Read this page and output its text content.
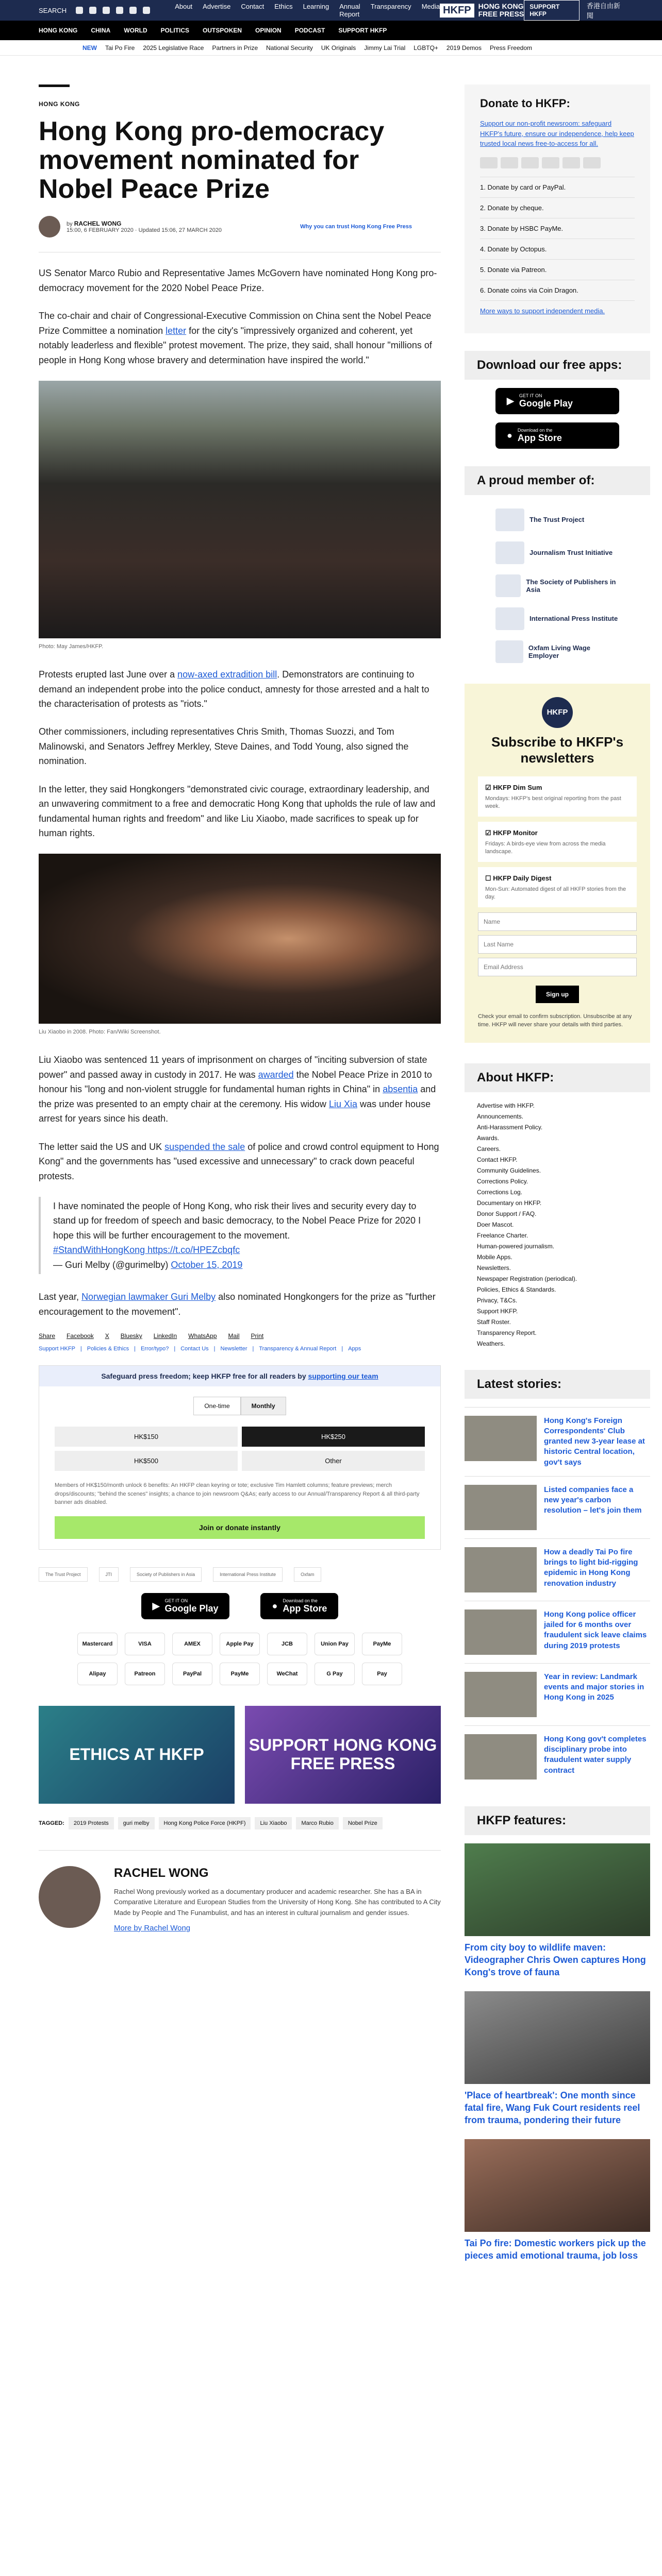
SEARCH	About Advertise Contact Ethics Learning Annual Report
Transparency Media HKFP	HONG KONG
FREE PRESS
SUPPORT HKFP
香港自由新聞
HONG KONG CHINA WORLD POLITICS OUTSPOKEN OPINION PODCAST SUPPORT HKFP
NEW Tai Po Fire 2025 Legislative Race Partners in Prize National Security UK Originals Jimmy Lai Trial LGBTQ+ 2019 Demos Press Freedom
HONG KONG
Hong Kong pro-democracy movement nominated for Nobel Peace Prize
by RACHEL WONG
15:00, 6 FEBRUARY 2020 · Updated 15:06, 27 MARCH 2020
Why you can trust Hong Kong Free Press

US Senator Marco Rubio and Representative James McGovern have nominated Hong Kong pro-democracy movement for the 2020 Nobel Peace Prize.

The co-chair and chair of Congressional-Executive Commission on China sent the Nobel Peace Prize Committee a nomination letter for the city's "impressively organized and coherent, yet notably leaderless and flexible" protest movement. The prize, they said, shall honour "millions of people in Hong Kong whose bravery and determination have inspired the world."

Photo: May James/HKFP.

Protests erupted last June over a now-axed extradition bill. Demonstrators are continuing to demand an independent probe into the police conduct, amnesty for those arrested and a halt to the characterisation of protests as "riots."

Other commissioners, including representatives Chris Smith, Thomas Suozzi, and Tom Malinowski, and Senators Jeffrey Merkley, Steve Daines, and Todd Young, also signed the nomination.

In the letter, they said Hongkongers "demonstrated civic courage, extraordinary leadership, and an unwavering commitment to a free and democratic Hong Kong that upholds the rule of law and fundamental human rights and freedom" and like Liu Xiaobo, made sacrifices to speak up for human rights.

Liu Xiaobo in 2008. Photo: Fan/Wiki Screenshot.

Liu Xiaobo was sentenced 11 years of imprisonment on charges of "inciting subversion of state power" and passed away in custody in 2017. He was awarded the Nobel Peace Prize in 2010 to honour his "long and non-violent struggle for fundamental human rights in China" in absentia and the prize was presented to an empty chair at the ceremony. His widow Liu Xia was under house arrest for years since his death.

The letter said the US and UK suspended the sale of police and crowd control equipment to Hong Kong" and the governments has "used excessive and unnecessary" to crack down peaceful protests.

I have nominated the people of Hong Kong, who risk their lives and security every day to stand up for freedom of speech and basic democracy, to the Nobel Peace Prize for 2020 I hope this will be further encouragement to the movement.
#StandWithHongKong https://t.co/HPEZcbqfc
— Guri Melby (@gurimelby) October 15, 2019

Last year, Norwegian lawmaker Guri Melby also nominated Hongkongers for the prize as "further encouragement to the movement".

Share Facebook X Bluesky LinkedIn WhatsApp Mail Print
Support HKFP | Policies & Ethics | Error/typo? | Contact Us | Newsletter | Transparency & Annual Report | Apps
Safeguard press freedom; keep HKFP free for all readers by supporting our team
One-time	Monthly
HK$150	HK$250
HK$500	Other
Members of HK$150/month unlock 6 benefits: An HKFP clean keyring or tote; exclusive Tim Hamlett columns; feature previews; merch drops/discounts; "behind the scenes" insights; a chance to join newsroom Q&As; early access to our Annual/Transparency Report & all third-party banner ads disabled.
Join or donate instantly
The Trust Project	JTI	Society of Publishers in Asia	International Press Institute	Oxfam
▶ GET IT ON
Google Play	● Download on the
App Store
Mastercard	VISA	AMEX	Apple Pay	JCB	Union Pay	PayMe
Alipay	Patreon	PayPal	PayMe	WeChat	G Pay	Pay
ETHICS AT HKFP	SUPPORT HONG KONG FREE PRESS
TAGGED:	2019 Protests	guri melby	Hong Kong Police Force (HKPF)	Liu Xiaobo	Marco Rubio	Nobel Prize
RACHEL WONG

Rachel Wong previously worked as a documentary producer and academic researcher. She has a BA in Comparative Literature and European Studies from the University of Hong Kong. She has contributed to A City Made by People and The Funambulist, and has an interest in cultural journalism and gender issues.

More by Rachel Wong
Donate to HKFP:

Support our non-profit newsroom: safeguard HKFP's future, ensure our independence, help keep trusted local news free-to-access for all.

1. Donate by card or PayPal.
2. Donate by cheque.
3. Donate by HSBC PayMe.
4. Donate by Octopus.
5. Donate via Patreon.
6. Donate coins via Coin Dragon.
More ways to support independent media.
Download our free apps:
▶ GET IT ON
Google Play
● Download on the
App Store
A proud member of:
The Trust Project
Journalism Trust Initiative
The Society of Publishers in Asia
International Press Institute
Oxfam Living Wage Employer
HKFP
Subscribe to HKFP's newsletters
☑ HKFP Dim Sum
Mondays: HKFP's best original reporting from the past week.
☑ HKFP Monitor
Fridays: A birds-eye view from across the media landscape.
☐ HKFP Daily Digest
Mon-Sun: Automated digest of all HKFP stories from the day.
Name
Last Name
Email Address
Sign up
Check your email to confirm subscription. Unsubscribe at any time. HKFP will never share your details with third parties.
About HKFP:
Advertise with HKFP.
Announcements.
Anti-Harassment Policy.
Awards.
Careers.
Contact HKFP.
Community Guidelines.
Corrections Policy.
Corrections Log.
Documentary on HKFP.
Donor Support / FAQ.
Doer Mascot.
Freelance Charter.
Human-powered journalism.
Mobile Apps.
Newsletters.
Newspaper Registration (periodical).
Policies, Ethics & Standards.
Privacy, T&Cs.
Support HKFP.
Staff Roster.
Transparency Report.
Weathers.
Latest stories:
Hong Kong's Foreign Correspondents' Club granted new 3-year lease at historic Central location, gov't says
Listed companies face a new year's carbon resolution – let's join them
How a deadly Tai Po fire brings to light bid-rigging epidemic in Hong Kong renovation industry
Hong Kong police officer jailed for 6 months over fraudulent sick leave claims during 2019 protests
Year in review: Landmark events and major stories in Hong Kong in 2025
Hong Kong gov't completes disciplinary probe into fraudulent water supply contract
HKFP features:
From city boy to wildlife maven: Videographer Chris Owen captures Hong Kong's trove of fauna
'Place of heartbreak': One month since fatal fire, Wang Fuk Court residents reel from trauma, pondering their future
Tai Po fire: Domestic workers pick up the pieces amid emotional trauma, job loss
